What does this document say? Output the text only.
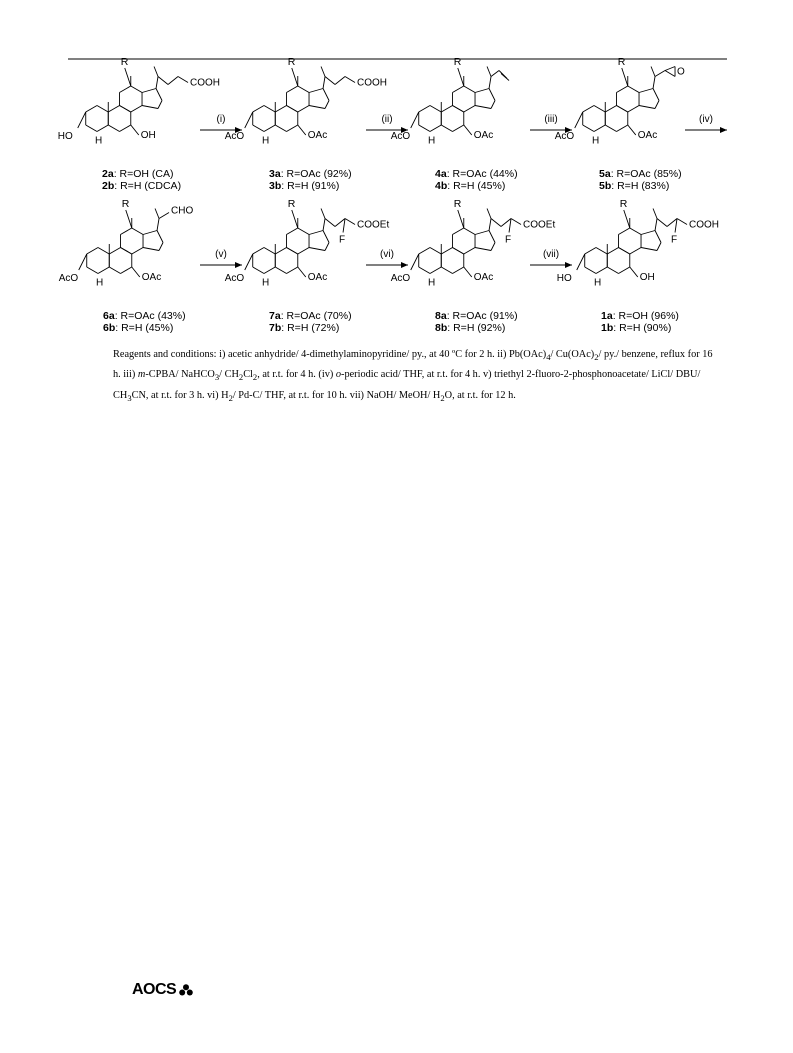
R
HO	OH
H
COOH
R
AcO	OAc
H
COOH
R
AcO	OAc
H
R
AcO	OAc
H
O
R
AcO	OAc
H
CHO
R
AcO	OAc
H
F
COOEt
R
AcO	OAc
H
F
COOEt
R
HO	OH
H
F
COOH
(i)	(ii)	(iii)	(iv)
(v)	(vi)	(vii)
2a: R=OH (CA)
2b: R=H (CDCA)
3a: R=OAc (92%)
3b: R=H (91%)
4a: R=OAc (44%)
4b: R=H (45%)
5a: R=OAc (85%)
5b: R=H (83%)
6a: R=OAc (43%)
6b: R=H (45%)
7a: R=OAc (70%)
7b: R=H (72%)
8a: R=OAc (91%)
8b: R=H (92%)
1a: R=OH (96%)
1b: R=H (90%)
Reagents and conditions: i) acetic anhydride/ 4-dimethylaminopyridine/ py., at 40 ºC for 2 h. ii) $Pb(OAc)_4/$ $Cu(OAc)_2/$ py./ benzene, reflux for 16 h. iii) m-CPBA/ NaHCO$_3$/ $CH_2Cl_2$, at r.t. for 4 h. (iv) o-periodic acid/ THF, at r.t. for 4 h. v) triethyl 2-fluoro-2-phosphonoacetate/ LiCl/ DBU/ $CH_3CN$, at r.t. for 3 h. vi) $H_2/$ Pd-C/ THF, at r.t. for 10 h. vii) NaOH/ MeOH/ $H_2O$, at r.t. for 12 h.
AOCS
